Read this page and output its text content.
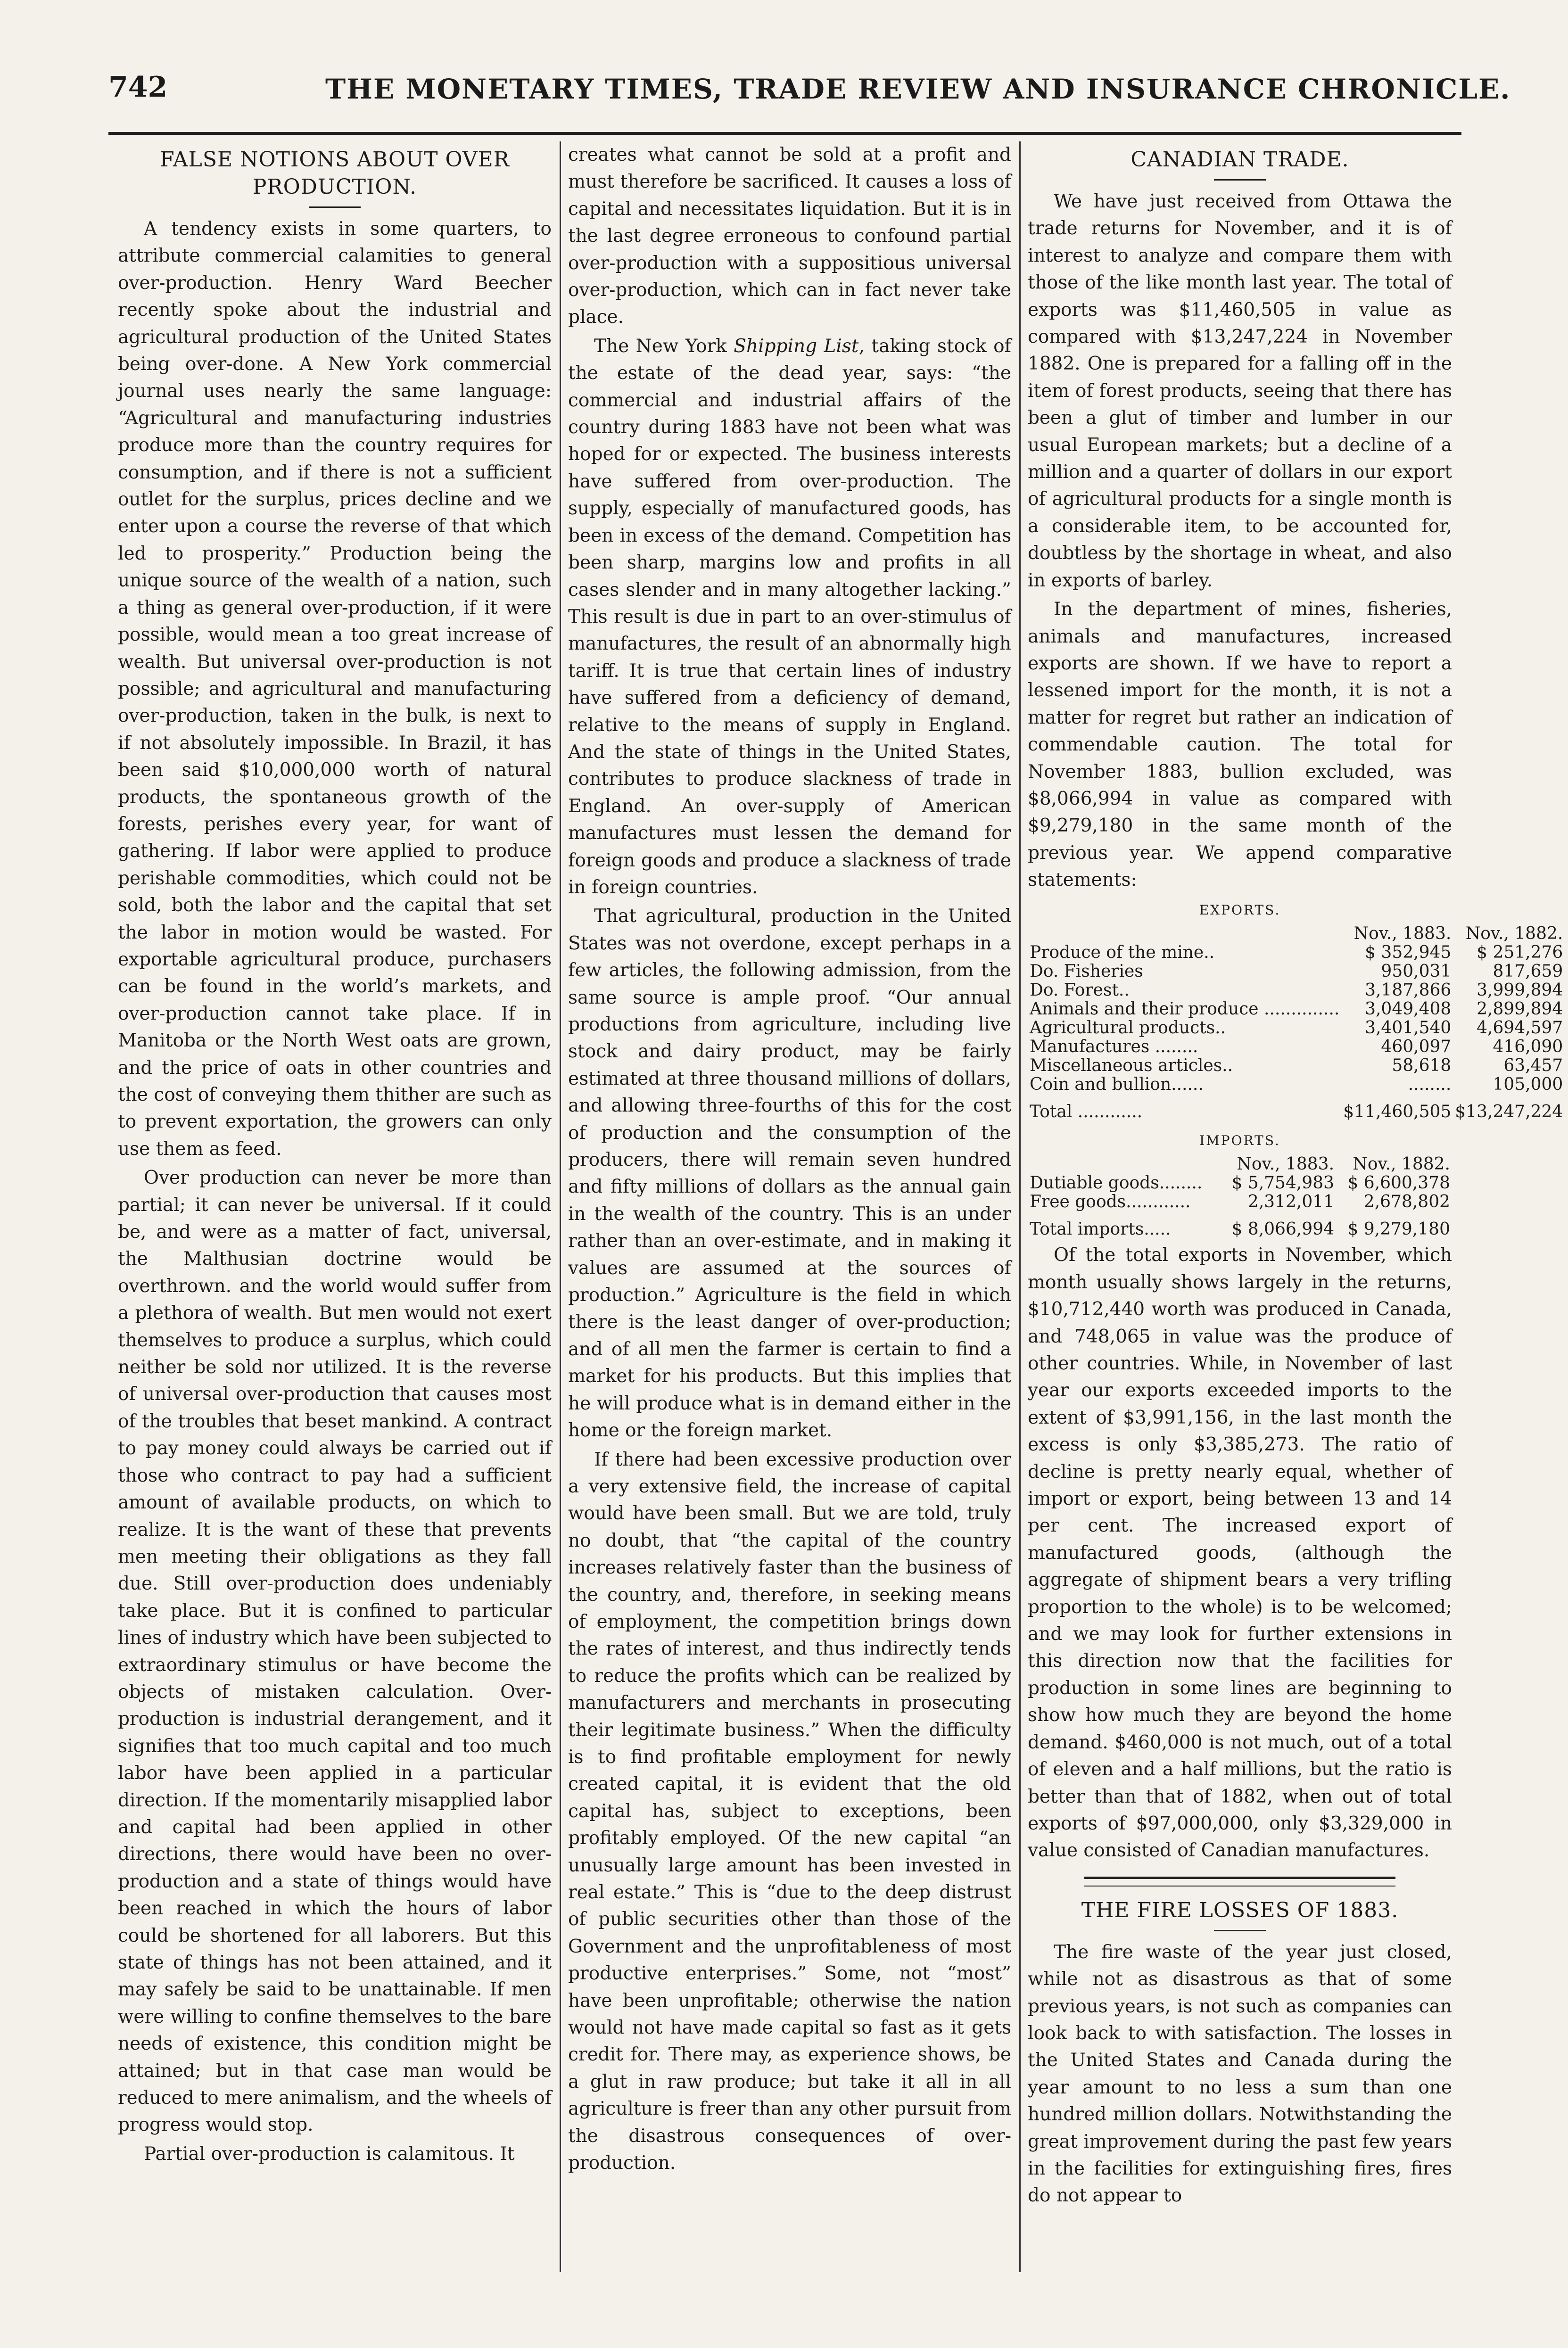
742	THE MONETARY TIMES, TRADE REVIEW AND INSURANCE CHRONICLE.
FALSE NOTIONS ABOUT OVER PRODUCTION.

A tendency exists in some quarters, to attribute commercial calamities to general over-production. Henry Ward Beecher recently spoke about the industrial and agricultural production of the United States being over-done. A New York commercial journal uses nearly the same language: “Agricultural and manufacturing industries produce more than the country requires for consumption, and if there is not a sufficient outlet for the surplus, prices decline and we enter upon a course the reverse of that which led to prosperity.” Production being the unique source of the wealth of a nation, such a thing as general over-production, if it were possible, would mean a too great increase of wealth. But universal over-production is not possible; and agricultural and manufacturing over-production, taken in the bulk, is next to if not absolutely impossible. In Brazil, it has been said $10,000,000 worth of natural products, the spontaneous growth of the forests, perishes every year, for want of gathering. If labor were applied to produce perishable commodities, which could not be sold, both the labor and the capital that set the labor in motion would be wasted. For exportable agricultural produce, purchasers can be found in the world’s markets, and over-production cannot take place. If in Manitoba or the North West oats are grown, and the price of oats in other countries and the cost of conveying them thither are such as to prevent exportation, the growers can only use them as feed.

Over production can never be more than partial; it can never be universal. If it could be, and were as a matter of fact, universal, the Malthusian doctrine would be overthrown. and the world would suffer from a plethora of wealth. But men would not exert themselves to produce a surplus, which could neither be sold nor utilized. It is the reverse of universal over-production that causes most of the troubles that beset mankind. A contract to pay money could always be carried out if those who contract to pay had a sufficient amount of available products, on which to realize. It is the want of these that prevents men meeting their obligations as they fall due. Still over-production does undeniably take place. But it is confined to particular lines of industry which have been subjected to extraordinary stimulus or have become the objects of mistaken calculation. Over-production is industrial derangement, and it signifies that too much capital and too much labor have been applied in a particular direction. If the momentarily misapplied labor and capital had been applied in other directions, there would have been no over-production and a state of things would have been reached in which the hours of labor could be shortened for all laborers. But this state of things has not been attained, and it may safely be said to be unattainable. If men were willing to confine themselves to the bare needs of existence, this condition might be attained; but in that case man would be reduced to mere animalism, and the wheels of progress would stop.

Partial over-production is calamitous. It

creates what cannot be sold at a profit and must therefore be sacrificed. It causes a loss of capital and necessitates liquidation. But it is in the last degree erroneous to confound partial over-production with a suppositious universal over-production, which can in fact never take place.

The New York Shipping List, taking stock of the estate of the dead year, says: “the commercial and industrial affairs of the country during 1883 have not been what was hoped for or expected. The business interests have suffered from over-production. The supply, especially of manufactured goods, has been in excess of the demand. Competition has been sharp, margins low and profits in all cases slender and in many altogether lacking.” This result is due in part to an over-stimulus of manufactures, the result of an abnormally high tariff. It is true that certain lines of industry have suffered from a deficiency of demand, relative to the means of supply in England. And the state of things in the United States, contributes to produce slackness of trade in England. An over-supply of American manufactures must lessen the demand for foreign goods and produce a slackness of trade in foreign countries.

That agricultural, production in the United States was not overdone, except perhaps in a few articles, the following admission, from the same source is ample proof. “Our annual productions from agriculture, including live stock and dairy product, may be fairly estimated at three thousand millions of dollars, and allowing three-fourths of this for the cost of production and the consumption of the producers, there will remain seven hundred and fifty millions of dollars as the annual gain in the wealth of the country. This is an under rather than an over-estimate, and in making it values are assumed at the sources of production.” Agriculture is the field in which there is the least danger of over-production; and of all men the farmer is certain to find a market for his products. But this implies that he will produce what is in demand either in the home or the foreign market.

If there had been excessive production over a very extensive field, the increase of capital would have been small. But we are told, truly no doubt, that “the capital of the country increases relatively faster than the business of the country, and, therefore, in seeking means of employment, the competition brings down the rates of interest, and thus indirectly tends to reduce the profits which can be realized by manufacturers and merchants in prosecuting their legitimate business.” When the difficulty is to find profitable employment for newly created capital, it is evident that the old capital has, subject to exceptions, been profitably employed. Of the new capital “an unusually large amount has been invested in real estate.” This is “due to the deep distrust of public securities other than those of the Government and the unprofitableness of most productive enterprises.” Some, not “most” have been unprofitable; otherwise the nation would not have made capital so fast as it gets credit for. There may, as experience shows, be a glut in raw produce; but take it all in all agriculture is freer than any other pursuit from the disastrous consequences of over-production.

CANADIAN TRADE.

We have just received from Ottawa the trade returns for November, and it is of interest to analyze and compare them with those of the like month last year. The total of exports was $11,460,505 in value as compared with $13,247,224 in November 1882. One is prepared for a falling off in the item of forest products, seeing that there has been a glut of timber and lumber in our usual European markets; but a decline of a million and a quarter of dollars in our export of agricultural products for a single month is a considerable item, to be accounted for, doubtless by the shortage in wheat, and also in exports of barley.

In the department of mines, fisheries, animals and manufactures, increased exports are shown. If we have to report a lessened import for the month, it is not a matter for regret but rather an indication of commendable caution. The total for November 1883, bullion excluded, was $8,066,994 in value as compared with $9,279,180 in the same month of the previous year. We append comparative statements:

EXPORTS.
	Nov., 1883.	Nov., 1882.
Produce of the mine..	$ 352,945	$ 251,276
Do. Fisheries	950,031	817,659
Do. Forest..	3,187,866	3,999,894
Animals and their produce ..............	3,049,408	2,899,894
Agricultural products..	3,401,540	4,694,597
Manufactures ........	460,097	416,090
Miscellaneous articles..	58,618	63,457
Coin and bullion......	........	105,000
Total ............	$11,460,505	$13,247,224
IMPORTS.
	Nov., 1883.	Nov., 1882.
Dutiable goods........	$ 5,754,983	$ 6,600,378
Free goods............	2,312,011	2,678,802
Total imports.....	$ 8,066,994	$ 9,279,180

Of the total exports in November, which month usually shows largely in the returns, $10,712,440 worth was produced in Canada, and 748,065 in value was the produce of other countries. While, in November of last year our exports exceeded imports to the extent of $3,991,156, in the last month the excess is only $3,385,273. The ratio of decline is pretty nearly equal, whether of import or export, being between 13 and 14 per cent. The increased export of manufactured goods, (although the aggregate of shipment bears a very trifling proportion to the whole) is to be welcomed; and we may look for further extensions in this direction now that the facilities for production in some lines are beginning to show how much they are beyond the home demand. $460,000 is not much, out of a total of eleven and a half millions, but the ratio is better than that of 1882, when out of total exports of $97,000,000, only $3,329,000 in value consisted of Canadian manufactures.

THE FIRE LOSSES OF 1883.

The fire waste of the year just closed, while not as disastrous as that of some previous years, is not such as companies can look back to with satisfaction. The losses in the United States and Canada during the year amount to no less a sum than one hundred million dollars. Notwithstanding the great improvement during the past few years in the facilities for extinguishing fires, fires do not appear to
